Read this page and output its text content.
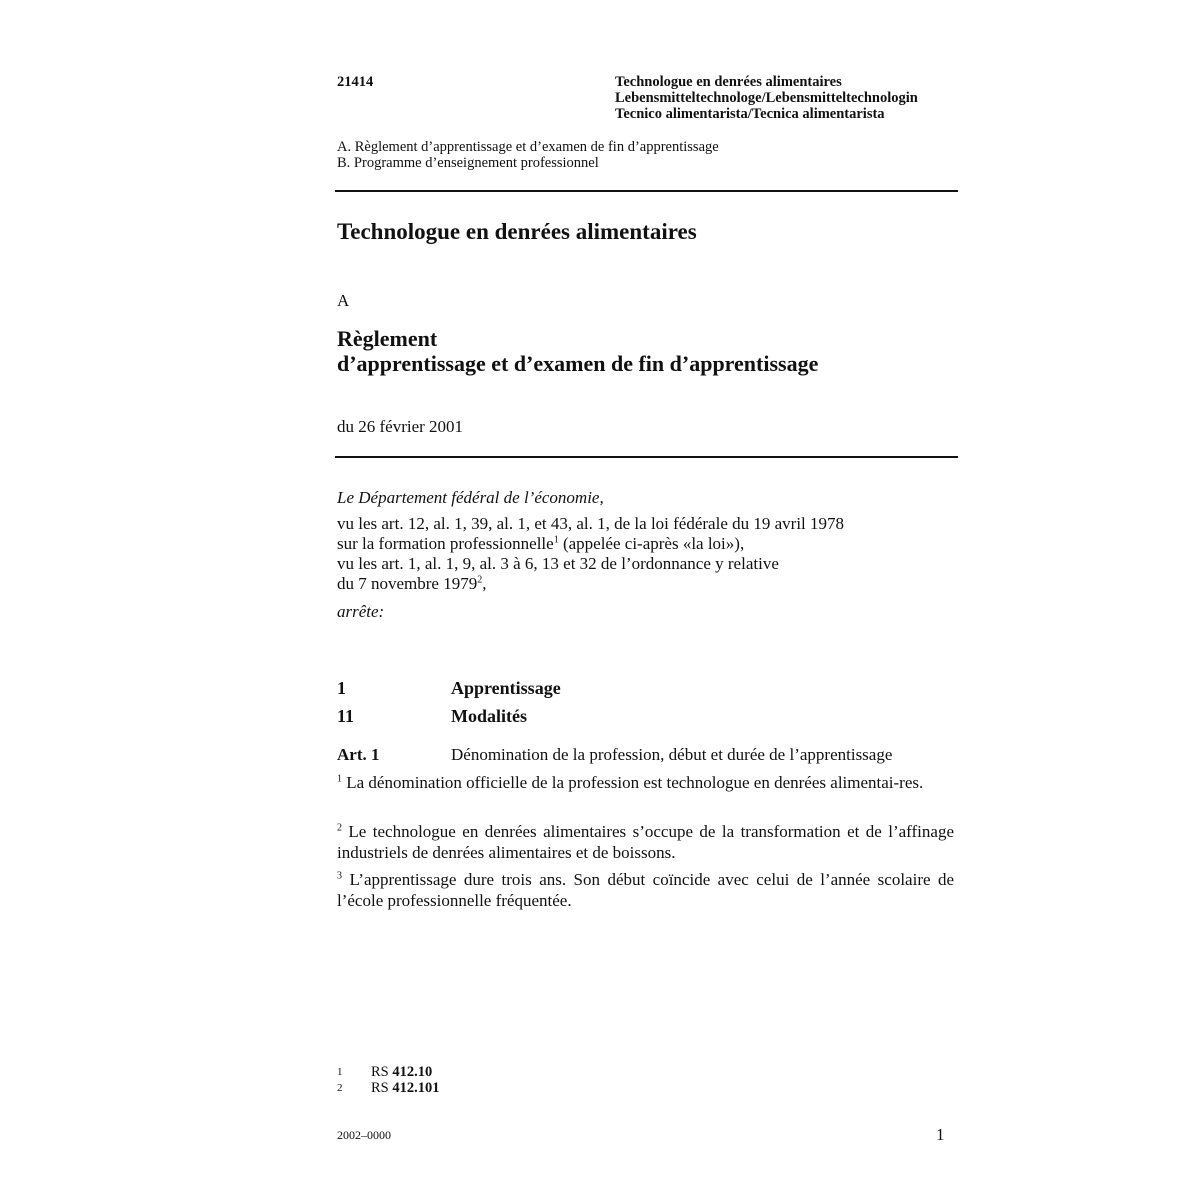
21414	Technologue en denrées alimentaires
Lebensmitteltechnologe/Lebensmitteltechnologin
Tecnico alimentarista/Tecnica alimentarista
A. Règlement d’apprentissage et d’examen de fin d’apprentissage
B. Programme d’enseignement professionnel
Technologue en denrées alimentaires
A
Règlement
d’apprentissage et d’examen de fin d’apprentissage
du 26 février 2001
Le Département fédéral de l’économie,
vu les art. 12, al. 1, 39, al. 1, et 43, al. 1, de la loi fédérale du 19 avril 1978
sur la formation professionnelle$^1$ (appelée ci-après «la loi»),
vu les art. 1, al. 1, 9, al. 3 à 6, 13 et 32 de l’ordonnance y relative
du 7 novembre 1979$^2$,
arrête:
1	Apprentissage
11	Modalités
Art. 1	Dénomination de la profession, début et durée de l’apprentissage
$^1$ La dénomination officielle de la profession est technologue en denrées alimentai-res.
$^2$ Le technologue en denrées alimentaires s’occupe de la transformation et de l’affinage industriels de denrées alimentaires et de boissons.
$^3$ L’apprentissage dure trois ans. Son début coïncide avec celui de l’année scolaire de l’école professionnelle fréquentée.
1 RS 412.10
2 RS 412.101
2002–0000	1
